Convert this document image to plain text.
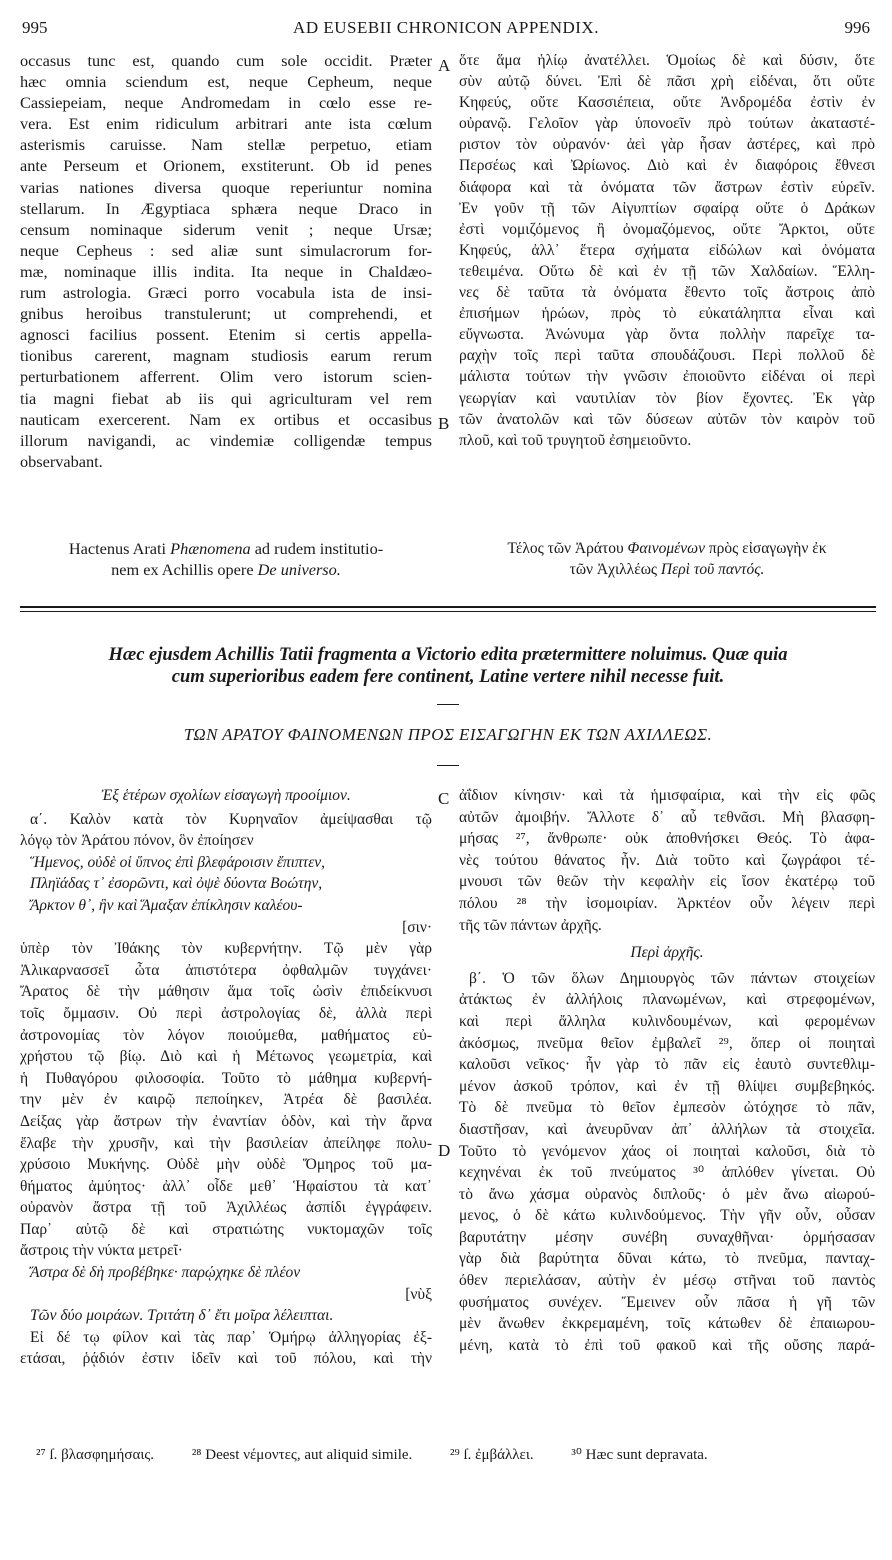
995	AD EUSEBII CHRONICON APPENDIX.	996

occasus tunc est, quando cum sole occidit. Præter

hæc omnia sciendum est, neque Cepheum, neque

Cassiepeiam, neque Andromedam in cœlo esse re-

vera. Est enim ridiculum arbitrari ante ista cœlum

asterismis caruisse. Nam stellæ perpetuo, etiam

ante Perseum et Orionem, exstiterunt. Ob id penes

varias nationes diversa quoque reperiuntur nomina

stellarum. In Ægyptiaca sphæra neque Draco in

censum nominaque siderum venit ; neque Ursæ;

neque Cepheus : sed aliæ sunt simulacrorum for-

mæ, nominaque illis indita. Ita neque in Chaldæo-

rum astrologia. Græci porro vocabula ista de insi-

gnibus heroibus transtulerunt; ut comprehendi, et

agnosci facilius possent. Etenim si certis appella-

tionibus carerent, magnam studiosis earum rerum

perturbationem afferrent. Olim vero istorum scien-

tia magni fiebat ab iis qui agriculturam vel rem

nauticam exercerent. Nam ex ortibus et occasibus

illorum navigandi, ac vindemiæ colligendæ tempus

observabant.

ὅτε ἅμα ἡλίῳ ἀνατέλλει. Ὁμοίως δὲ καὶ δύσιν, ὅτε

σὺν αὐτῷ δύνει. Ἐπὶ δὲ πᾶσι χρὴ εἰδέναι, ὅτι οὔτε

Κηφεύς, οὔτε Κασσιέπεια, οὔτε Ἀνδρομέδα ἐστὶν ἐν

οὐρανῷ. Γελοῖον γὰρ ὑπονοεῖν πρὸ τούτων ἀκαταστέ-

ριστον τὸν οὐρανόν· ἀεὶ γὰρ ἦσαν ἀστέρες, καὶ πρὸ

Περσέως καὶ Ὠρίωνος. Διὸ καὶ ἐν διαφόροις ἔθνεσι

διάφορα καὶ τὰ ὀνόματα τῶν ἄστρων ἐστὶν εὑρεῖν.

Ἐν γοῦν τῇ τῶν Αἰγυπτίων σφαίρᾳ οὔτε ὁ Δράκων

ἐστὶ νομιζόμενος ἢ ὀνομαζόμενος, οὔτε Ἄρκτοι, οὔτε

Κηφεύς, ἀλλ᾽ ἕτερα σχήματα εἰδώλων καὶ ὀνόματα

τεθειμένα. Οὕτω δὲ καὶ ἐν τῇ τῶν Χαλδαίων. Ἕλλη-

νες δὲ ταῦτα τὰ ὀνόματα ἔθεντο τοῖς ἄστροις ἀπὸ

ἐπισήμων ἡρώων, πρὸς τὸ εὐκατάληπτα εἶναι καὶ

εὔγνωστα. Ἀνώνυμα γὰρ ὄντα πολλὴν παρεῖχε τα-

ραχὴν τοῖς περὶ ταῦτα σπουδάζουσι. Περὶ πολλοῦ δὲ

μάλιστα τούτων τὴν γνῶσιν ἐποιοῦντο εἰδέναι οἱ περὶ

γεωργίαν καὶ ναυτιλίαν τὸν βίον ἔχοντες. Ἐκ γὰρ

τῶν ἀνατολῶν καὶ τῶν δύσεων αὐτῶν τὸν καιρὸν τοῦ

πλοῦ, καὶ τοῦ τρυγητοῦ ἐσημειοῦντο.

A
B
Hactenus Arati Phænomena ad rudem institutio-
nem ex Achillis opere De universo.
Τέλος τῶν Ἀράτου Φαινομένων πρὸς εἰσαγωγὴν ἐκ
τῶν Ἀχιλλέως Περὶ τοῦ παντός.
Hæc ejusdem Achillis Tatii fragmenta a Victorio edita prætermittere noluimus. Quæ quia
cum superioribus eadem fere continent, Latine vertere nihil necesse fuit.
ΤΩΝ ΑΡΑΤΟΥ ΦΑΙΝΟΜΕΝΩΝ ΠΡΟΣ ΕΙΣΑΓΩΓΗΝ ΕΚ ΤΩΝ ΑΧΙΛΛΕΩΣ.

Ἐξ ἑτέρων σχολίων εἰσαγωγὴ προοίμιον.

α΄. Καλὸν κατὰ τὸν Κυρηναῖον ἀμείψασθαι τῷ

λόγῳ τὸν Ἀράτου πόνον, ὃν ἐποίησεν

Ἥμενος, οὐδὲ οἱ ὕπνος ἐπὶ βλεφάροισιν ἔπιπτεν,

Πληϊάδας τ᾽ ἐσορῶντι, καὶ ὀψὲ δύοντα Βοώτην,

Ἄρκτον θ᾽, ἣν καὶ Ἅμαξαν ἐπίκλησιν καλέου-

[σιν·

ὑπὲρ τὸν Ἰθάκης τὸν κυβερνήτην. Τῷ μὲν γὰρ

Ἀλικαρνασσεῖ ὦτα ἀπιστότερα ὀφθαλμῶν τυγχάνει·

Ἄρατος δὲ τὴν μάθησιν ἅμα τοῖς ὠσὶν ἐπιδείκνυσι

τοῖς ὄμμασιν. Οὐ περὶ ἀστρολογίας δὲ, ἀλλὰ περὶ

ἀστρονομίας τὸν λόγον ποιούμεθα, μαθήματος εὐ-

χρήστου τῷ βίῳ. Διὸ καὶ ἡ Μέτωνος γεωμετρία, καὶ

ἡ Πυθαγόρου φιλοσοφία. Τοῦτο τὸ μάθημα κυβερνή-

την μὲν ἐν καιρῷ πεποίηκεν, Ἀτρέα δὲ βασιλέα.

Δείξας γὰρ ἄστρων τὴν ἐναντίαν ὁδὸν, καὶ τὴν ἄρνα

ἔλαβε τὴν χρυσῆν, καὶ τὴν βασιλείαν ἀπείληφε πολυ-

χρύσοιο Μυκήνης. Οὐδὲ μὴν οὐδὲ Ὅμηρος τοῦ μα-

θήματος ἀμύητος· ἀλλ᾽ οἶδε μεθ᾽ Ἡφαίστου τὰ κατ᾽

οὐρανὸν ἄστρα τῇ τοῦ Ἀχιλλέως ἀσπίδι ἐγγράφειν.

Παρ᾽ αὐτῷ δὲ καὶ στρατιώτης νυκτομαχῶν τοῖς

ἄστροις τὴν νύκτα μετρεῖ·

Ἄστρα δὲ δὴ προβέβηκε· παρῴχηκε δὲ πλέον

[νὺξ

Τῶν δύο μοιράων. Τριτάτη δ᾽ ἔτι μοῖρα λέλειπται.

Εἰ δέ τῳ φίλον καὶ τὰς παρ᾽ Ὁμήρῳ ἀλληγορίας ἐξ-

ετάσαι, ῥᾴδιόν ἐστιν ἰδεῖν καὶ τοῦ πόλου, καὶ τὴν

ἀΐδιον κίνησιν· καὶ τὰ ἡμισφαίρια, καὶ τὴν εἰς φῶς

αὐτῶν ἀμοιβήν. Ἄλλοτε δ᾽ αὖ τεθνᾶσι. Μὴ βλασφη-

μήσας ²⁷, ἄνθρωπε· οὐκ ἀποθνήσκει Θεός. Τὸ ἀφα-

νὲς τούτου θάνατος ἦν. Διὰ τοῦτο καὶ ζωγράφοι τέ-

μνουσι τῶν θεῶν τὴν κεφαλὴν εἰς ἴσον ἑκατέρῳ τοῦ

πόλου ²⁸ τὴν ἰσομοιρίαν. Ἀρκτέον οὖν λέγειν περὶ

τῆς τῶν πάντων ἀρχῆς.

Περὶ ἀρχῆς.

β΄. Ὁ τῶν ὅλων Δημιουργὸς τῶν πάντων στοιχείων

ἀτάκτως ἐν ἀλλήλοις πλανωμένων, καὶ στρεφομένων,

καὶ περὶ ἄλληλα κυλινδουμένων, καὶ φερομένων

ἀκόσμως, πνεῦμα θεῖον ἐμβαλεῖ ²⁹, ὅπερ οἱ ποιηταὶ

καλοῦσι νεῖκος· ἦν γὰρ τὸ πᾶν εἰς ἑαυτὸ συντεθλιμ-

μένον ἀσκοῦ τρόπον, καὶ ἐν τῇ θλίψει συμβεβηκός.

Τὸ δὲ πνεῦμα τὸ θεῖον ἐμπεσὸν ὠτόχησε τὸ πᾶν,

διαστῆσαν, καὶ ἀνευρῦναν ἀπ᾽ ἀλλήλων τὰ στοιχεῖα.

Τοῦτο τὸ γενόμενον χάος οἱ ποιηταὶ καλοῦσι, διὰ τὸ

κεχηνέναι ἐκ τοῦ πνεύματος ³⁰ ἁπλόθεν γίνεται. Οὐ

τὸ ἄνω χάσμα οὐρανὸς διπλοῦς· ὁ μὲν ἄνω αἰωρού-

μενος, ὁ δὲ κάτω κυλινδούμενος. Τὴν γῆν οὖν, οὖσαν

βαρυτάτην μέσην συνέβη συναχθῆναι· ὁρμήσασαν

γὰρ διὰ βαρύτητα δῦναι κάτω, τὸ πνεῦμα, πανταχ-

όθεν περιελάσαν, αὐτὴν ἐν μέσῳ στῆναι τοῦ παντὸς

φυσήματος συνέχεν. Ἔμεινεν οὖν πᾶσα ἡ γῆ τῶν

μὲν ἄνωθεν ἐκκρεμαμένη, τοῖς κάτωθεν δὲ ἐπαιωρου-

μένη, κατὰ τὸ ἐπὶ τοῦ φακοῦ καὶ τῆς οὔσης παρά-

C
D
²⁷ ſ. βλασφημήσαις.	²⁸ Deest νέμοντες, aut aliquid simile.	²⁹ ſ. ἐμβάλλει.	³⁰ Hæc sunt depravata.
